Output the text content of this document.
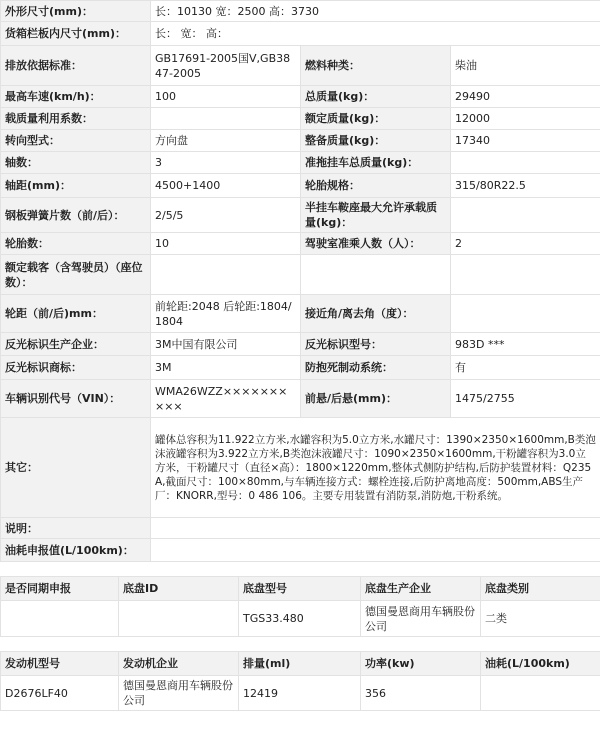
外形尺寸(mm)：	长：10130 宽：2500 高：3730		
货箱栏板内尺寸(mm)：	长： 宽： 高：		
排放依据标准：	GB17691-2005国Ⅴ,GB3847-2005	燃料种类：	柴油
最高车速(km/h)：	100	总质量(kg)：	29490
载质量利用系数：		额定质量(kg)：	12000
转向型式：	方向盘	整备质量(kg)：	17340
轴数：	3	准拖挂车总质量(kg)：	
轴距(mm)：	4500+1400	轮胎规格：	315/80R22.5
钢板弹簧片数（前/后）：	2/5/5	半挂车鞍座最大允许承载质量(kg)：	
轮胎数：	10	驾驶室准乘人数（人）：	2
额定载客（含驾驶员）（座位数）：			
轮距（前/后)mm：	前轮距:2048 后轮距:1804/1804	接近角/离去角（度）：	
反光标识生产企业：	3M中国有限公司	反光标识型号：	983D ***
反光标识商标：	3M	防抱死制动系统：	有
车辆识别代号（VIN）：	WMA26WZZ××××××××××	前悬/后悬(mm)：	1475/2755
其它：	罐体总容积为11.922立方米,水罐容积为5.0立方米,水罐尺寸：1390×2350×1600mm,B类泡沫液罐容积为3.922立方米,B类泡沫液罐尺寸：1090×2350×1600mm,干粉罐容积为3.0立方米，干粉罐尺寸（直径×高）：1800×1220mm,整体式侧防护结构,后防护装置材料：Q235A,截面尺寸：100×80mm,与车辆连接方式：螺栓连接,后防护离地高度：500mm,ABS生产厂：KNORR,型号：0 486 106。主要专用装置有消防泵,消防炮,干粉系统。		
说明：			
油耗申报值(L/100km)：			
是否同期申报	底盘ID	底盘型号	底盘生产企业	底盘类别
		TGS33.480	德国曼恩商用车辆股份公司	二类
发动机型号	发动机企业	排量(ml)	功率(kw)	油耗(L/100km)
D2676LF40	德国曼恩商用车辆股份公司	12419	356	
